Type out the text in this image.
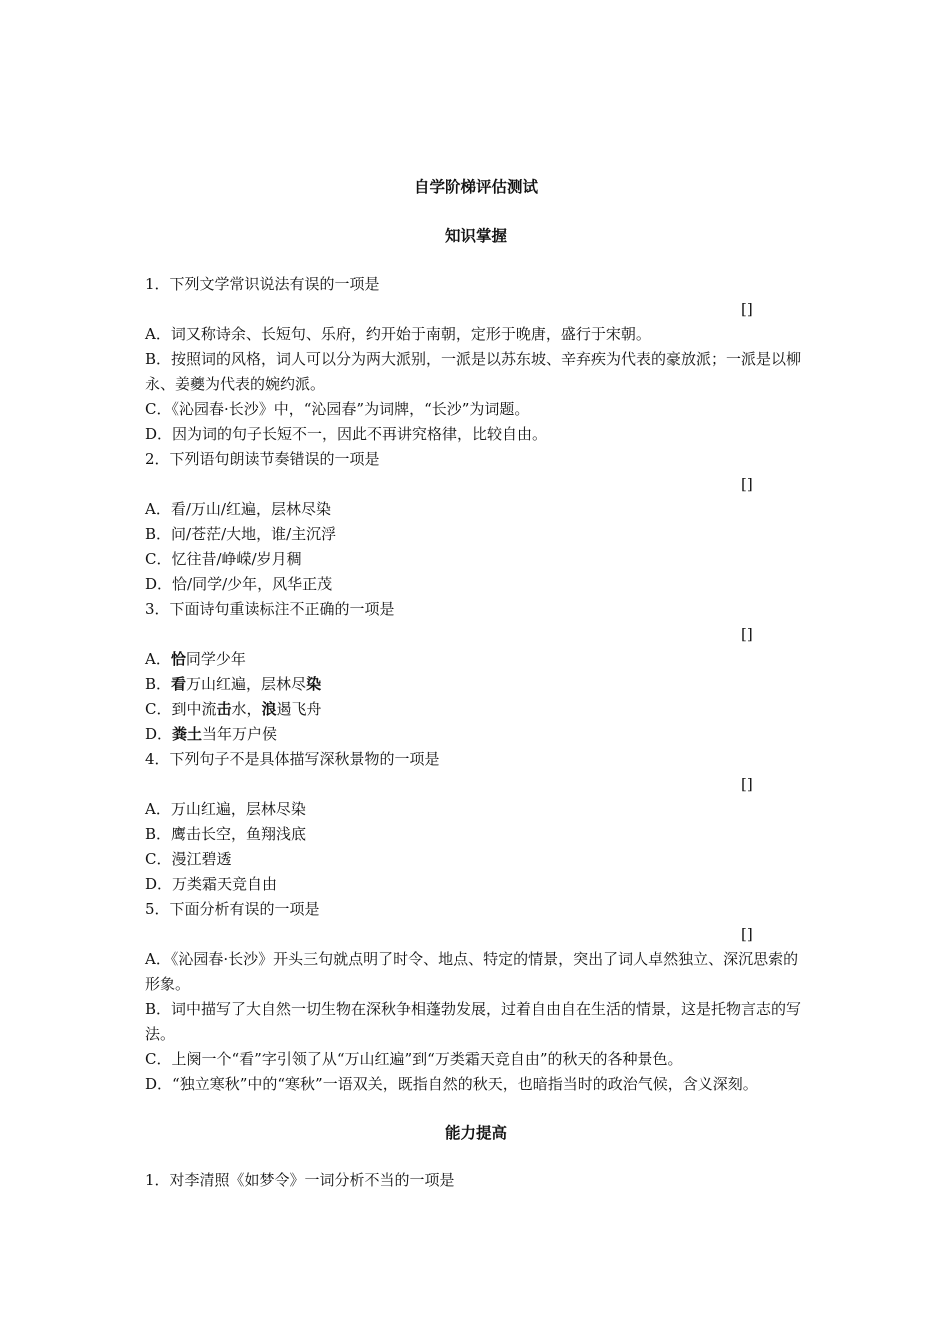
自学阶梯评估测试
知识掌握
1．下列文学常识说法有误的一项是
[]
A．词又称诗余、长短句、乐府，约开始于南朝，定形于晚唐，盛行于宋朝。
B．按照词的风格，词人可以分为两大派别，一派是以苏东坡、辛弃疾为代表的豪放派；一派是以柳永、姜夔为代表的婉约派。
C．《沁园春·长沙》中，“沁园春”为词牌，“长沙”为词题。
D．因为词的句子长短不一，因此不再讲究格律，比较自由。
2．下列语句朗读节奏错误的一项是
[]
A．看/万山/红遍，层林尽染
B．问/苍茫/大地，谁/主沉浮
C．忆往昔/峥嵘/岁月稠
D．恰/同学/少年，风华正茂
3．下面诗句重读标注不正确的一项是
[]
A．恰同学少年
B．看万山红遍，层林尽染
C．到中流击水，浪遏飞舟
D．粪土当年万户侯
4．下列句子不是具体描写深秋景物的一项是
[]
A．万山红遍，层林尽染
B．鹰击长空，鱼翔浅底
C．漫江碧透
D．万类霜天竞自由
5．下面分析有误的一项是
[]
A．《沁园春·长沙》开头三句就点明了时令、地点、特定的情景，突出了词人卓然独立、深沉思索的形象。
B．词中描写了大自然一切生物在深秋争相蓬勃发展，过着自由自在生活的情景，这是托物言志的写法。
C．上阕一个“看”字引领了从“万山红遍”到“万类霜天竞自由”的秋天的各种景色。
D．“独立寒秋”中的“寒秋”一语双关，既指自然的秋天，也暗指当时的政治气候，含义深刻。
能力提高
1．对李清照《如梦令》一词分析不当的一项是
